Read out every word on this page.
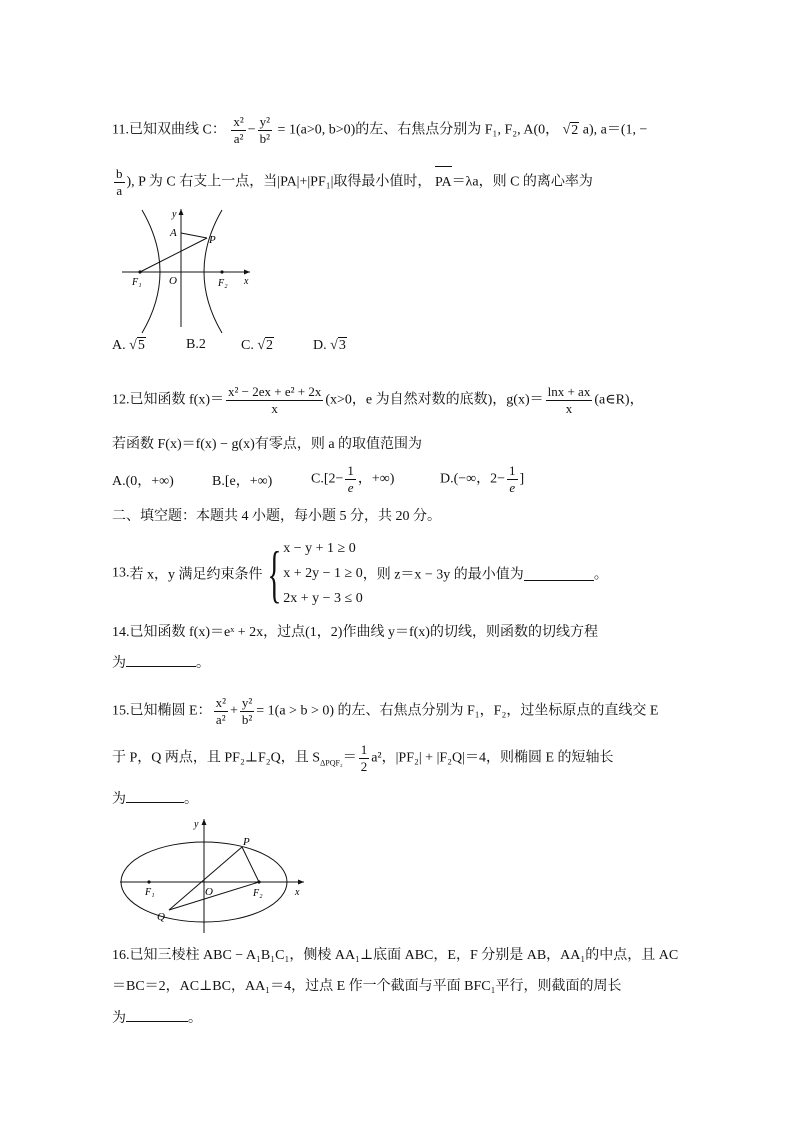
11.已知双曲线 C： $\frac{\text{x²}}{\text{a²}} - \frac{\text{y²}}{\text{b²}} = 1(a>0$, b>0)的左、右焦点分别为 F₁, F₂, A(0， √2 a), a＝(1, −
$\frac{b}{a}$ ), P 为 C 右支上一点，当|PA|+|PF₁|取得最小值时， PA＝λa，则 C 的离心率为
y
A
P
F₁ O	F₂ x
A. √5	B.2	C. √2	D. √3
12.已知函数 $f(x)= \frac{\text{x² − 2ex + e² + 2x}}{x} (x>0$，e 为自然对数的底数)，$g(x)= \frac{\ln x + ax}{x}$ (a∈R)，
若函数 F(x)＝f(x) − g(x)有零点，则 a 的取值范围为
A.(0，+∞)	B.[e，+∞)	$C.[2- \frac{1}{e}$ ，+∞)	D.(−∞，$2- \frac{1}{e}$ ]
二、填空题：本题共 4 小题，每小题 5 分，共 20 分。
13.若 x，y 满足约束条件{ x − y + 1 ≥ 0
x + 2y − 1 ≥ 0
2x + y − 3 ≤ 0
，则 z＝x − 3y 的最小值为	。
14.已知函数 f(x)＝eˣ + 2x，过点(1，2)作曲线 y＝f(x)的切线，则函数的切线方程
为	。
15.已知椭圆 E： $\frac{\text{x²}}{\text{a²}} + \frac{\text{y²}}{\text{b²}} = 1(a > b > 0)$ 的左、右焦点分别为 F₁，F₂，过坐标原点的直线交 E
于 P，Q 两点，且 PF₂⊥F₂Q，且 $S_{\Delta PQF_2}= \frac{1}{2} a^2$，|PF₂| + |F₂Q|＝4，则椭圆 E 的短轴长
为	。
y
P
F₁	O	F₂	x
Q
16.已知三棱柱 ABC − A₁B₁C₁，侧棱 AA₁⊥底面 ABC，E，F 分别是 AB，AA₁的中点，且 AC
＝BC＝2，AC⊥BC，AA₁＝4，过点 E 作一个截面与平面 BFC₁平行，则截面的周长
为	。
